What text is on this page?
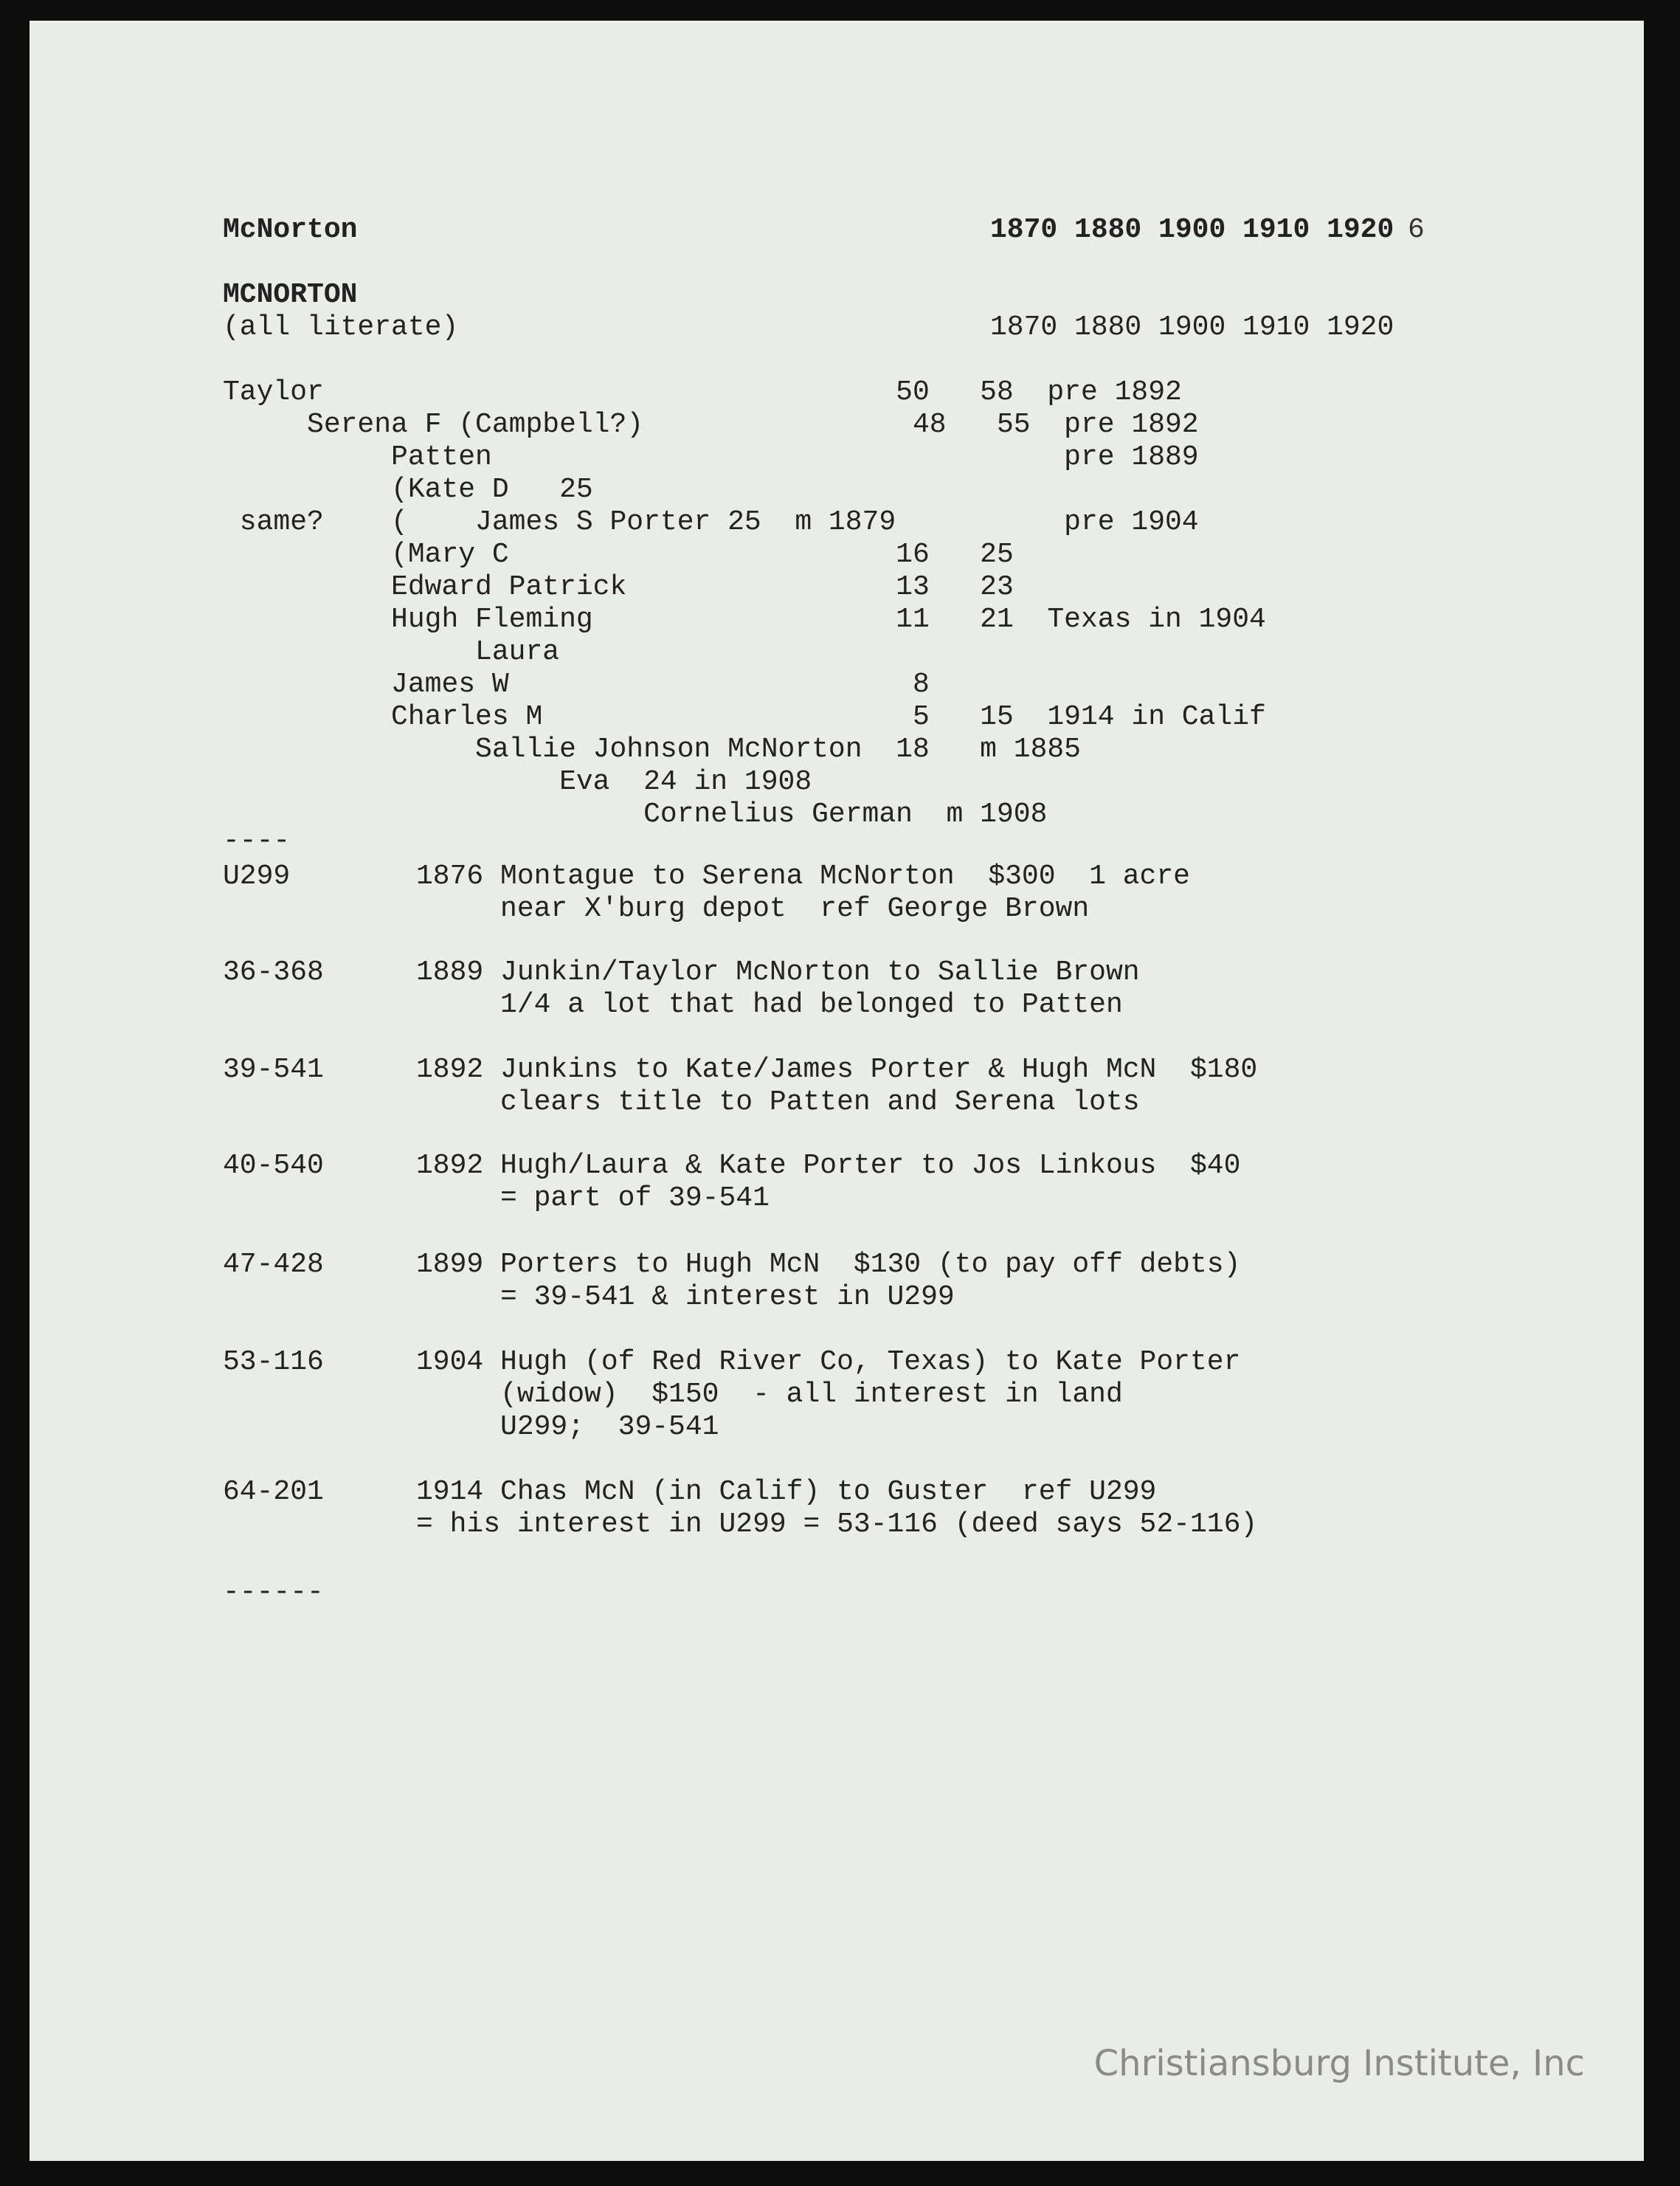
McNorton	1870 1880 1900 1910 1920 6
MCNORTON
(all literate)	1870 1880 1900 1910 1920
Taylor                                  50   58  pre 1892
Serena F (Campbell?)                48   55  pre 1892
Patten                                  pre 1889
(Kate D   25
same?    (    James S Porter 25  m 1879          pre 1904
(Mary C                       16   25
Edward Patrick                13   23
Hugh Fleming                  11   21  Texas in 1904
Laura
James W                        8
Charles M                      5   15  1914 in Calif
Sallie Johnson McNorton  18   m 1885
Eva  24 in 1908
Cornelius German  m 1908
----
U299	1876 Montague to Serena McNorton  $300  1 acre
near X'burg depot  ref George Brown
36-368	1889 Junkin/Taylor McNorton to Sallie Brown
1/4 a lot that had belonged to Patten
39-541	1892 Junkins to Kate/James Porter & Hugh McN  $180
clears title to Patten and Serena lots
40-540	1892 Hugh/Laura & Kate Porter to Jos Linkous  $40
= part of 39-541
47-428	1899 Porters to Hugh McN  $130 (to pay off debts)
= 39-541 & interest in U299
53-116	1904 Hugh (of Red River Co, Texas) to Kate Porter
(widow)  $150  - all interest in land
U299;  39-541
64-201	1914 Chas McN (in Calif) to Guster  ref U299
= his interest in U299 = 53-116 (deed says 52-116)
------
Christiansburg Institute, Inc
